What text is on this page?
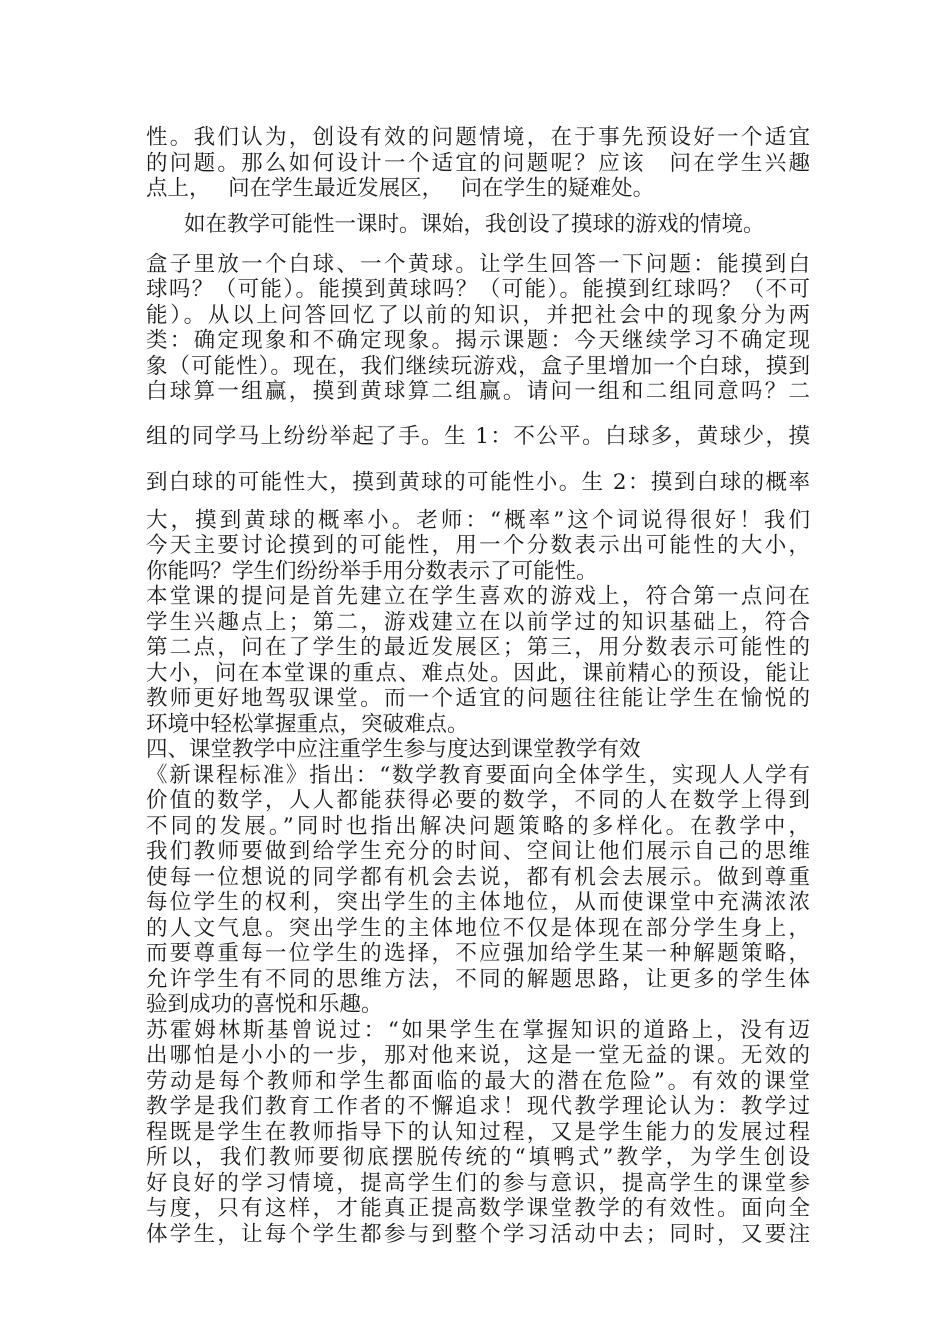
性。我们认为，创设有效的问题情境，在于事先预设好一个适宜
的问题。那么如何设计一个适宜的问题呢？应该　问在学生兴趣
点上，　 问在学生最近发展区，　 问在学生的疑难处。
如在教学可能性一课时。课始，我创设了摸球的游戏的情境。
盒子里放一个白球、一个黄球。让学生回答一下问题：能摸到白
球吗？（可能）。能摸到黄球吗？（可能）。能摸到红球吗？（不可
能）。从以上问答回忆了以前的知识，并把社会中的现象分为两
类：确定现象和不确定现象。揭示课题：今天继续学习不确定现
象（可能性）。现在，我们继续玩游戏，盒子里增加一个白球，摸到
白球算一组赢，摸到黄球算二组赢。请问一组和二组同意吗？二
组的同学马上纷纷举起了手。生 1：不公平。白球多，黄球少，摸
到白球的可能性大，摸到黄球的可能性小。生 2：摸到白球的概率
大，摸到黄球的概率小。老师：“概率”这个词说得很好！我们
今天主要讨论摸到的可能性，用一个分数表示出可能性的大小，
你能吗？学生们纷纷举手用分数表示了可能性。
本堂课的提问是首先建立在学生喜欢的游戏上，符合第一点问在
学生兴趣点上；第二，游戏建立在以前学过的知识基础上，符合
第二点，问在了学生的最近发展区；第三，用分数表示可能性的
大小，问在本堂课的重点、难点处。因此，课前精心的预设，能让
教师更好地驾驭课堂。而一个适宜的问题往往能让学生在愉悦的
环境中轻松掌握重点，突破难点。
四、课堂教学中应注重学生参与度达到课堂教学有效
《新课程标准》指出：“数学教育要面向全体学生，实现人人学有
价值的数学，人人都能获得必要的数学，不同的人在数学上得到
不同的发展。”同时也指出解决问题策略的多样化。在教学中，
我们教师要做到给学生充分的时间、空间让他们展示自己的思维
使每一位想说的同学都有机会去说，都有机会去展示。做到尊重
每位学生的权利，突出学生的主体地位，从而使课堂中充满浓浓
的人文气息。突出学生的主体地位不仅是体现在部分学生身上，
而要尊重每一位学生的选择，不应强加给学生某一种解题策略，
允许学生有不同的思维方法，不同的解题思路，让更多的学生体
验到成功的喜悦和乐趣。
苏霍姆林斯基曾说过：“如果学生在掌握知识的道路上，没有迈
出哪怕是小小的一步，那对他来说，这是一堂无益的课。无效的
劳动是每个教师和学生都面临的最大的潜在危险”。有效的课堂
教学是我们教育工作者的不懈追求！现代教学理论认为：教学过
程既是学生在教师指导下的认知过程，又是学生能力的发展过程
所以，我们教师要彻底摆脱传统的“填鸭式”教学，为学生创设
好良好的学习情境，提高学生们的参与意识，提高学生的课堂参
与度，只有这样，才能真正提高数学课堂教学的有效性。面向全
体学生，让每个学生都参与到整个学习活动中去；同时，又要注
